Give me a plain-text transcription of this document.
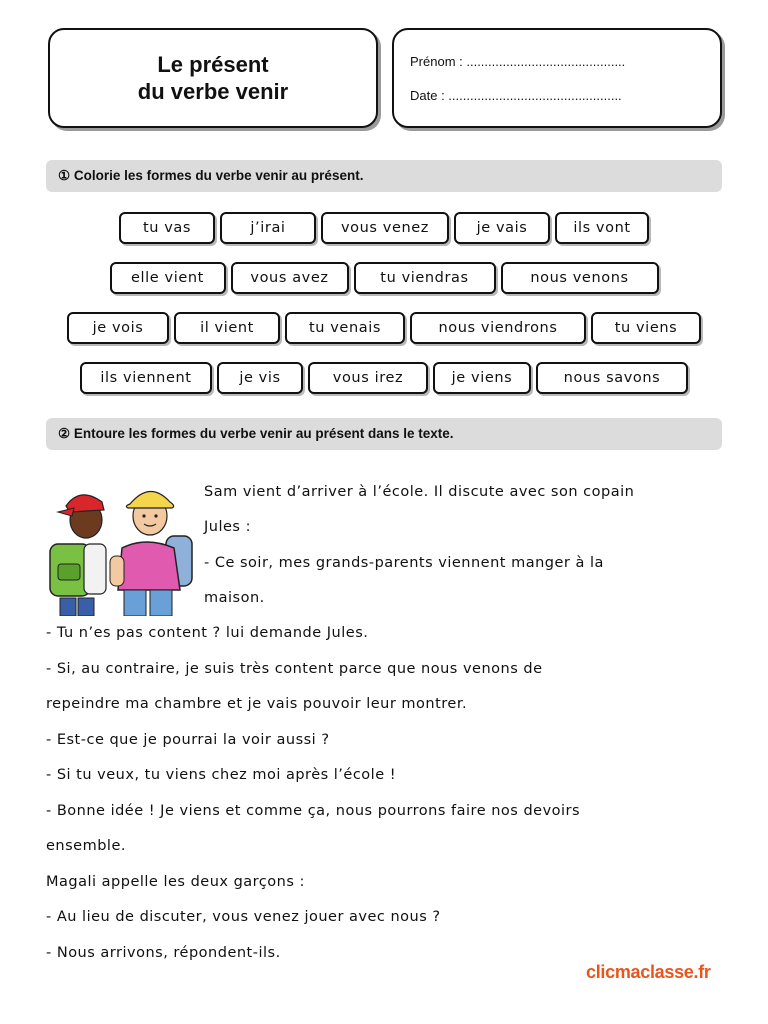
Le présent
du verbe venir
Prénom : ............................................
Date : ................................................
① Colorie les formes du verbe venir au présent.
tu vas	j’irai	vous venez	je vais	ils vont
elle vient	vous avez	tu viendras	nous venons
je vois	il vient	tu venais	nous viendrons	tu viens
ils viennent	je vis	vous irez	je viens	nous savons
② Entoure les formes du verbe venir au présent dans le texte.
Sam vient d’arriver à l’école. Il discute avec son copain
Jules :
- Ce soir, mes grands-parents viennent manger à la
maison.
- Tu n’es pas content ? lui demande Jules.
- Si, au contraire, je suis très content parce que nous venons de
repeindre ma chambre et je vais pouvoir leur montrer.
- Est-ce que je pourrai la voir aussi ?
- Si tu veux, tu viens chez moi après l’école !
- Bonne idée ! Je viens et comme ça, nous pourrons faire nos devoirs
ensemble.
Magali appelle les deux garçons :
- Au lieu de discuter, vous venez jouer avec nous ?
- Nous arrivons, répondent-ils.
clicmaclasse.fr
